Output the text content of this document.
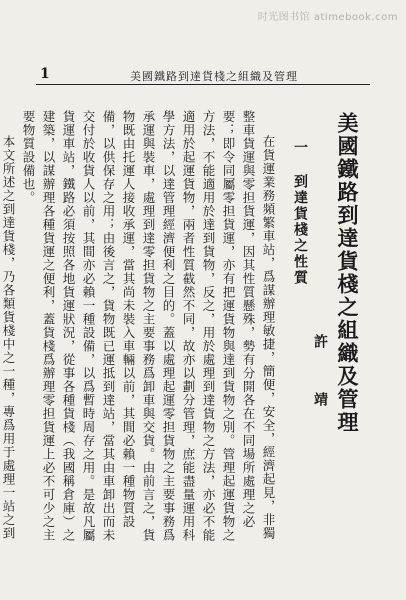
时光图书馆 atimebook.com
1	美國鐵路到達貨棧之組織及管理
美國鐵路到達貨棧之組織及管理
許 靖
一 到達貨棧之性質

在貨運業務頻繁車站，爲謀辦理敏捷，簡便，安全，經濟起見，非獨整車貨運與零担貨運，因其性質懸殊，勢有分開各在不同場所處理之必要；即令同屬零担貨運，亦有把運貨物與達到貨物之別。管理起運貨物之方法，不能適用於達到貨物，反之，用於處理到達貨物之方法，亦必不能適用於起運貨物，兩者性質截然不同，故亦以劃分管理，庶能盡量運用科學方法，以達管理經濟便利之目的。蓋以處理起運零担貨物之主要事務爲承運與裝車，處理到達零担貨物之主要事務爲卸車與交貨。由前言之，貨物既由托運人接收承運，當其尚未裝入車輛以前，其間必賴一種物質設備，以供保存之用；由後言之，貨物既已運抵到達站，當其由車卸出而未交付於收貨人以前，其間亦必賴一種設備，以爲暫時周存之用。是故凡屬貨運車站，鐵路必須按照各地貨運狀況，從事各種貨棧（我國稱倉庫）之建築，以謀辦理各種貨運之便利，蓋貨棧爲辦理零担貨運上必不可少之主要物質設備也。

本文所述之到達貨棧，乃各類貨棧中之一種，專爲用于處理一站之到
